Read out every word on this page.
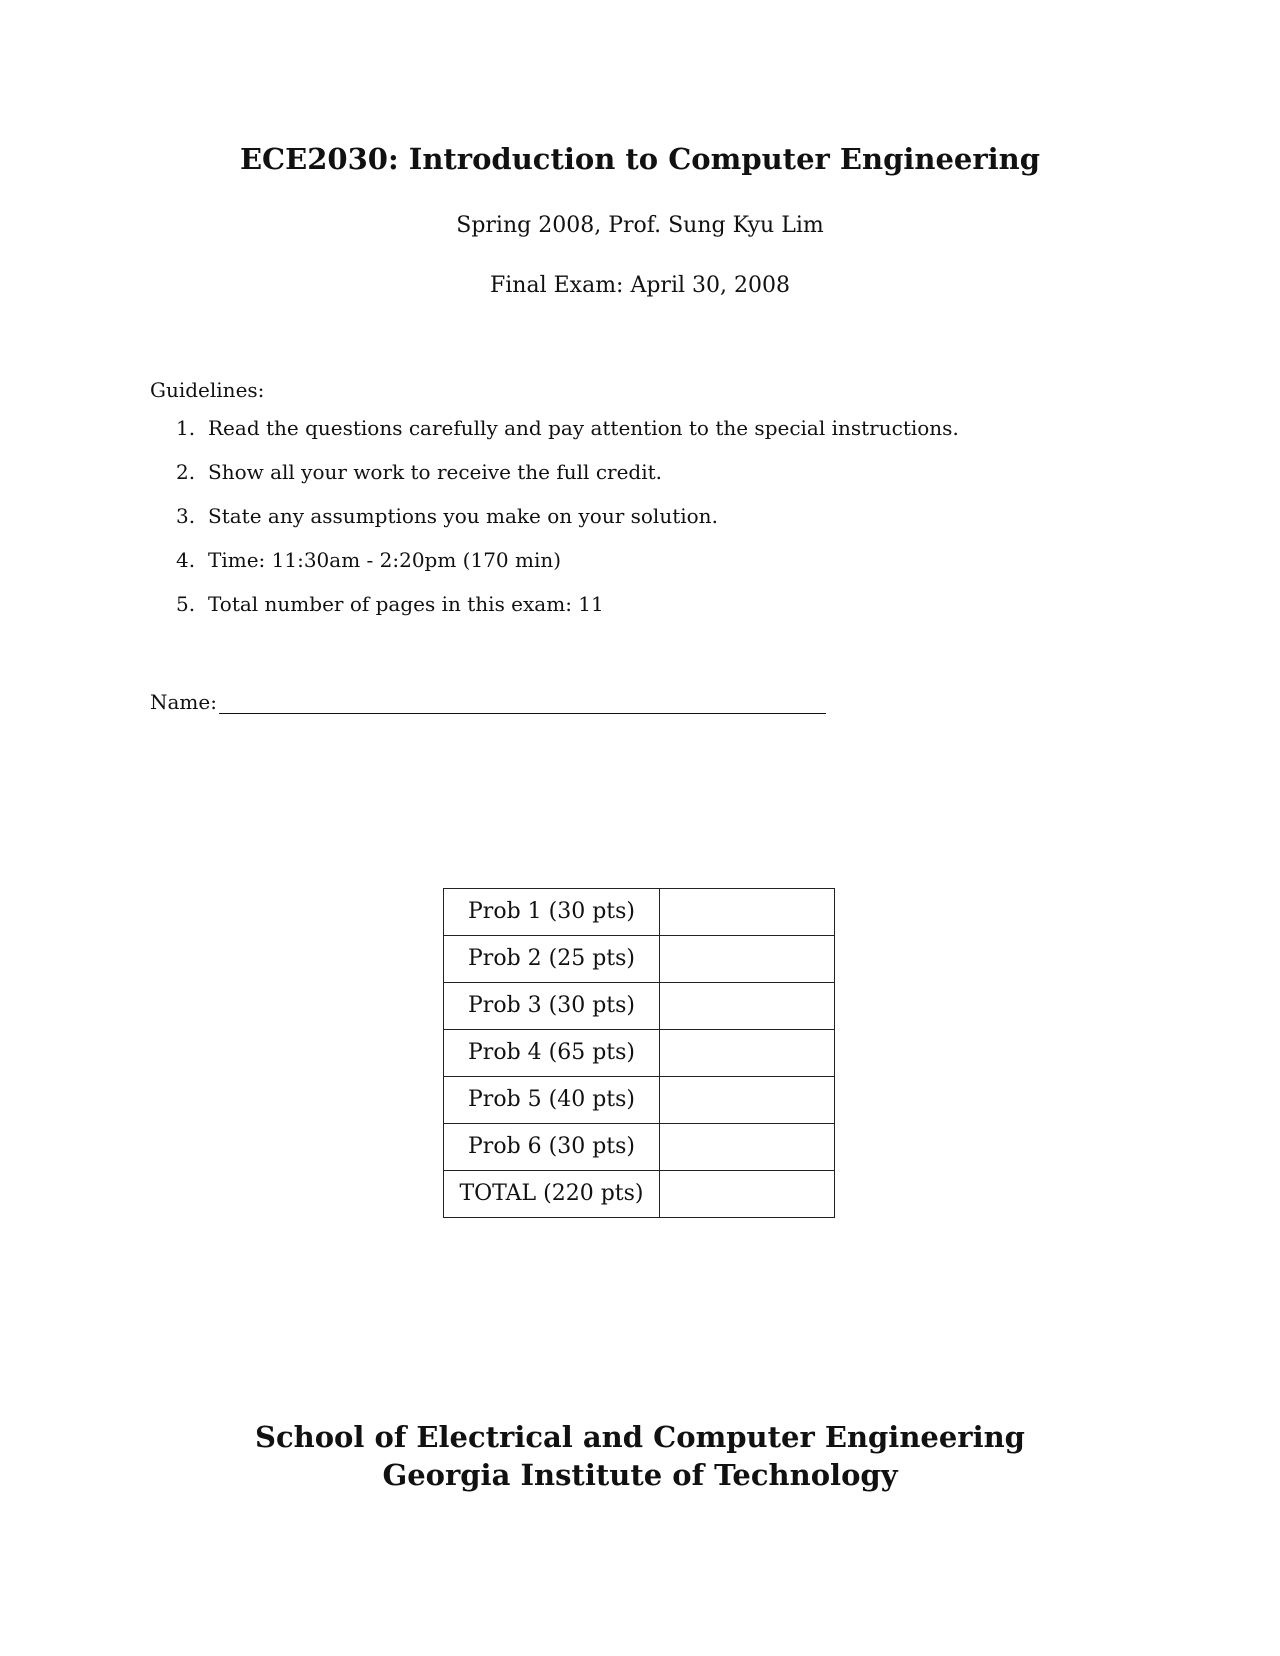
ECE2030: Introduction to Computer Engineering
Spring 2008, Prof. Sung Kyu Lim
Final Exam: April 30, 2008
Guidelines:
1. Read the questions carefully and pay attention to the special instructions.
2. Show all your work to receive the full credit.
3. State any assumptions you make on your solution.
4. Time: 11:30am - 2:20pm (170 min)
5. Total number of pages in this exam: 11
Name:
Prob 1 (30 pts)	
Prob 2 (25 pts)	
Prob 3 (30 pts)	
Prob 4 (65 pts)	
Prob 5 (40 pts)	
Prob 6 (30 pts)	
TOTAL (220 pts)	
School of Electrical and Computer Engineering
Georgia Institute of Technology
